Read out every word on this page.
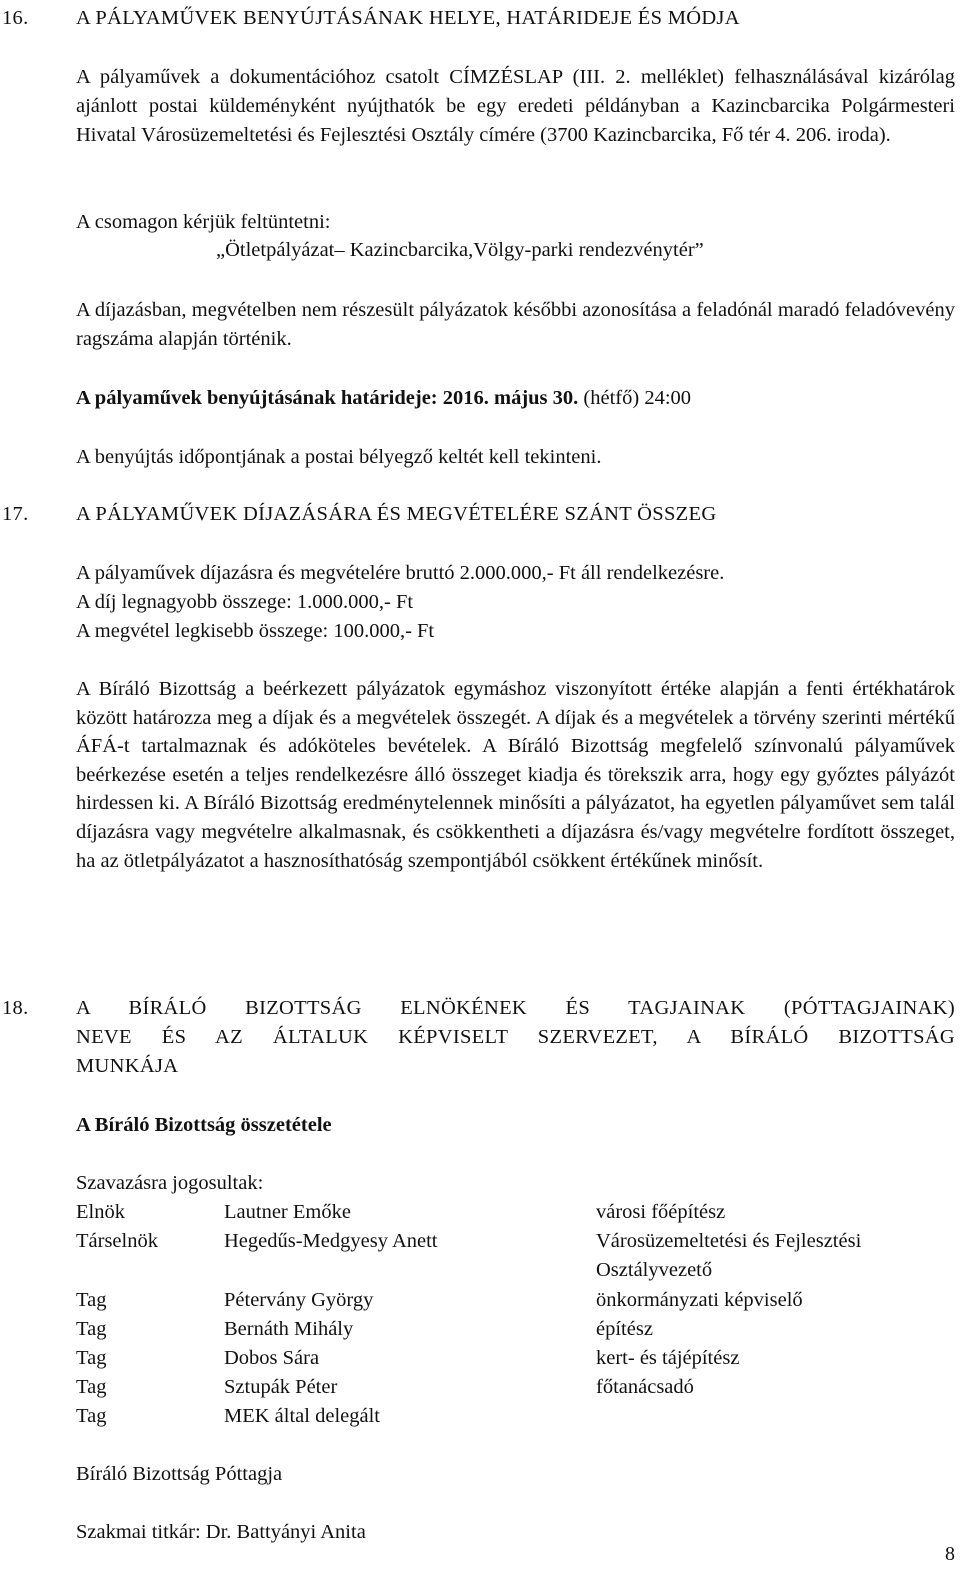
16. A PÁLYAMŰVEK BENYÚJTÁSÁNAK HELYE, HATÁRIDEJE ÉS MÓDJA
A pályaművek a dokumentációhoz csatolt CÍMZÉSLAP (III. 2. melléklet) felhasználásával kizárólag ajánlott postai küldeményként nyújthatók be egy eredeti példányban a Kazincbarcika Polgármesteri Hivatal Városüzemeltetési és Fejlesztési Osztály címére (3700 Kazincbarcika, Fő tér 4. 206. iroda).
A csomagon kérjük feltüntetni:
„Ötletpályázat– Kazincbarcika,Völgy-parki rendezvénytér”
A díjazásban, megvételben nem részesült pályázatok későbbi azonosítása a feladónál maradó feladóvevény ragszáma alapján történik.
A pályaművek benyújtásának határideje: 2016. május 30. (hétfő) 24:00
A benyújtás időpontjának a postai bélyegző keltét kell tekinteni.
17. A PÁLYAMŰVEK DÍJAZÁSÁRA ÉS MEGVÉTELÉRE SZÁNT ÖSSZEG
A pályaművek díjazásra és megvételére bruttó 2.000.000,- Ft áll rendelkezésre.
A díj legnagyobb összege: 1.000.000,- Ft
A megvétel legkisebb összege: 100.000,- Ft
A Bíráló Bizottság a beérkezett pályázatok egymáshoz viszonyított értéke alapján a fenti értékhatárok között határozza meg a díjak és a megvételek összegét. A díjak és a megvételek a törvény szerinti mértékű ÁFÁ-t tartalmaznak és adóköteles bevételek. A Bíráló Bizottság megfelelő színvonalú pályaművek beérkezése esetén a teljes rendelkezésre álló összeget kiadja és törekszik arra, hogy egy győztes pályázót hirdessen ki. A Bíráló Bizottság eredménytelennek minősíti a pályázatot, ha egyetlen pályaművet sem talál díjazásra vagy megvételre alkalmasnak, és csökkentheti a díjazásra és/vagy megvételre fordított összeget, ha az ötletpályázatot a hasznosíthatóság szempontjából csökkent értékűnek minősít.
18. A BÍRÁLÓ BIZOTTSÁG ELNÖKÉNEK ÉS TAGJAINAK (PÓTTAGJAINAK)
NEVE ÉS AZ ÁLTALUK KÉPVISELT SZERVEZET, A BÍRÁLÓ BIZOTTSÁG
MUNKÁJA
A Bíráló Bizottság összetétele
Szavazásra jogosultak:
Elnök	Lautner Emőke	városi főépítész
Társelnök	Hegedűs-Medgyesy Anett	Városüzemeltetési és Fejlesztési
Osztályvezető
Tag	Pétervány György	önkormányzati képviselő
Tag	Bernáth Mihály	építész
Tag	Dobos Sára	kert- és tájépítész
Tag	Sztupák Péter	főtanácsadó
Tag	MEK által delegált
Bíráló Bizottság Póttagja
Szakmai titkár: Dr. Battyányi Anita
8
